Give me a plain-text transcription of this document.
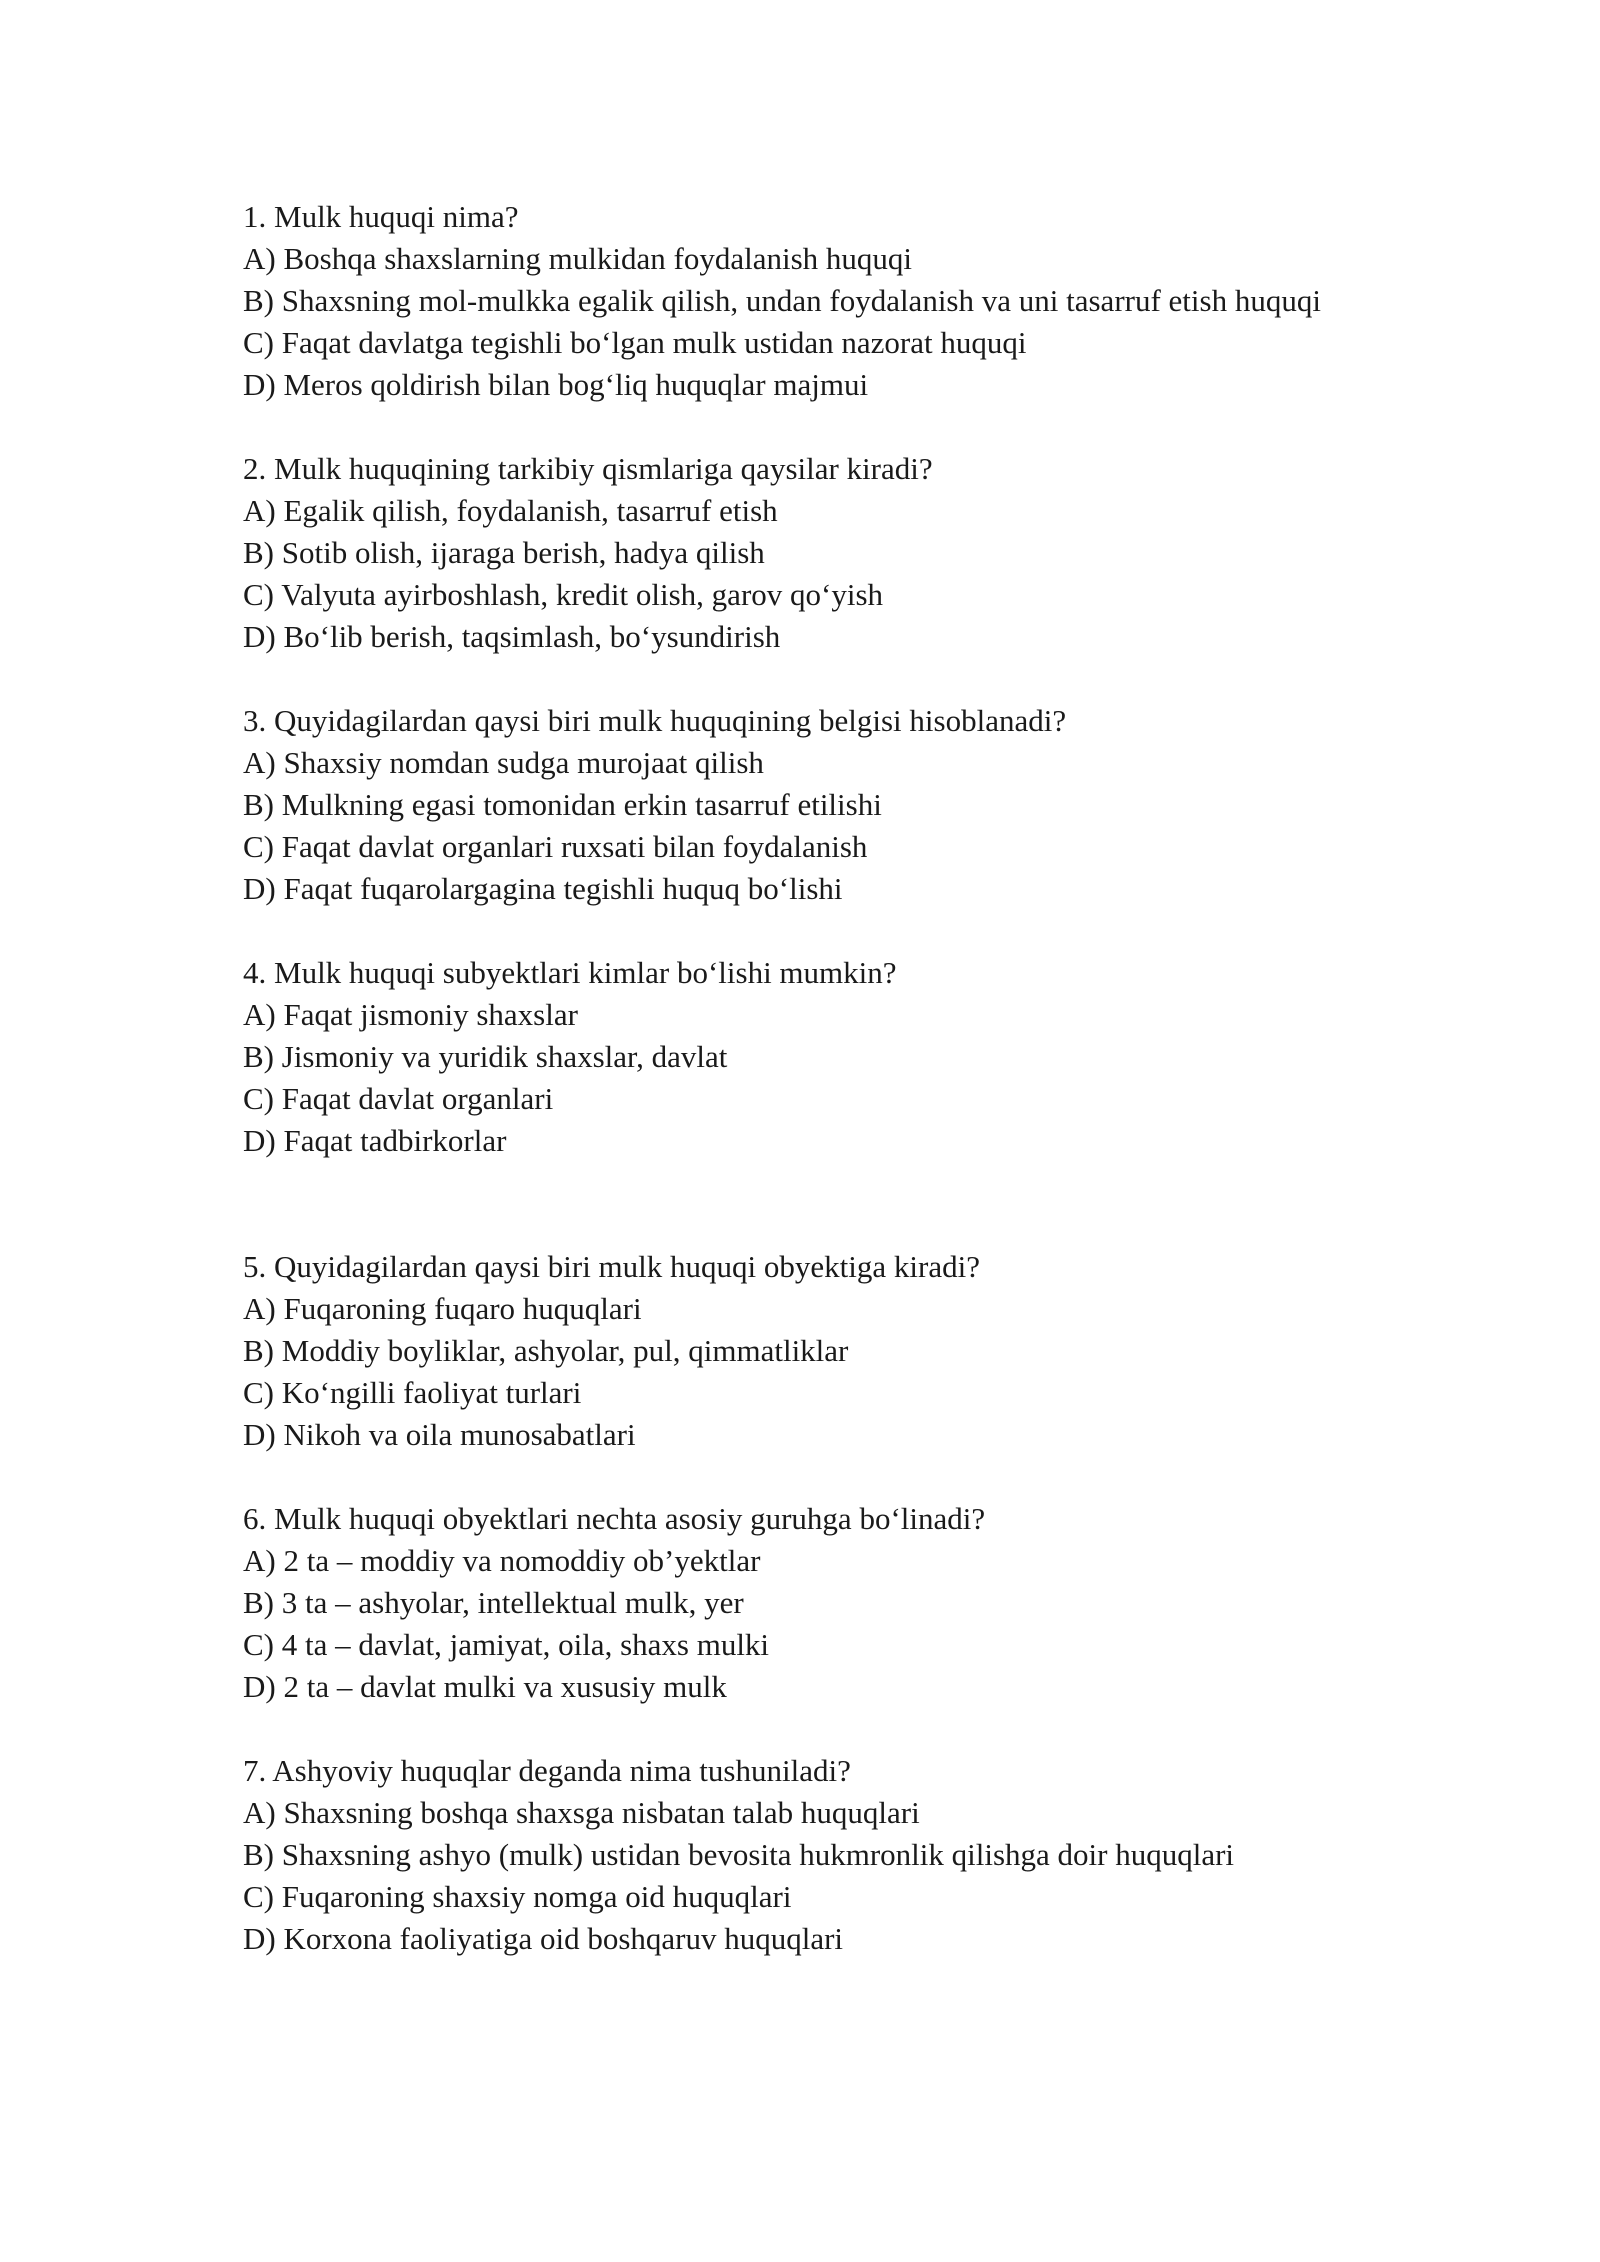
1. Mulk huquqi nima?
A) Boshqa shaxslarning mulkidan foydalanish huquqi
B) Shaxsning mol-mulkka egalik qilish, undan foydalanish va uni tasarruf etish huquqi
C) Faqat davlatga tegishli bo‘lgan mulk ustidan nazorat huquqi
D) Meros qoldirish bilan bog‘liq huquqlar majmui
2. Mulk huquqining tarkibiy qismlariga qaysilar kiradi?
A) Egalik qilish, foydalanish, tasarruf etish
B) Sotib olish, ijaraga berish, hadya qilish
C) Valyuta ayirboshlash, kredit olish, garov qo‘yish
D) Bo‘lib berish, taqsimlash, bo‘ysundirish
3. Quyidagilardan qaysi biri mulk huquqining belgisi hisoblanadi?
A) Shaxsiy nomdan sudga murojaat qilish
B) Mulkning egasi tomonidan erkin tasarruf etilishi
C) Faqat davlat organlari ruxsati bilan foydalanish
D) Faqat fuqarolargagina tegishli huquq bo‘lishi
4. Mulk huquqi subyektlari kimlar bo‘lishi mumkin?
A) Faqat jismoniy shaxslar
B) Jismoniy va yuridik shaxslar, davlat
C) Faqat davlat organlari
D) Faqat tadbirkorlar
5. Quyidagilardan qaysi biri mulk huquqi obyektiga kiradi?
A) Fuqaroning fuqaro huquqlari
B) Moddiy boyliklar, ashyolar, pul, qimmatliklar
C) Ko‘ngilli faoliyat turlari
D) Nikoh va oila munosabatlari
6. Mulk huquqi obyektlari nechta asosiy guruhga bo‘linadi?
A) 2 ta – moddiy va nomoddiy ob’yektlar
B) 3 ta – ashyolar, intellektual mulk, yer
C) 4 ta – davlat, jamiyat, oila, shaxs mulki
D) 2 ta – davlat mulki va xususiy mulk
7. Ashyoviy huquqlar deganda nima tushuniladi?
A) Shaxsning boshqa shaxsga nisbatan talab huquqlari
B) Shaxsning ashyo (mulk) ustidan bevosita hukmronlik qilishga doir huquqlari
C) Fuqaroning shaxsiy nomga oid huquqlari
D) Korxona faoliyatiga oid boshqaruv huquqlari
